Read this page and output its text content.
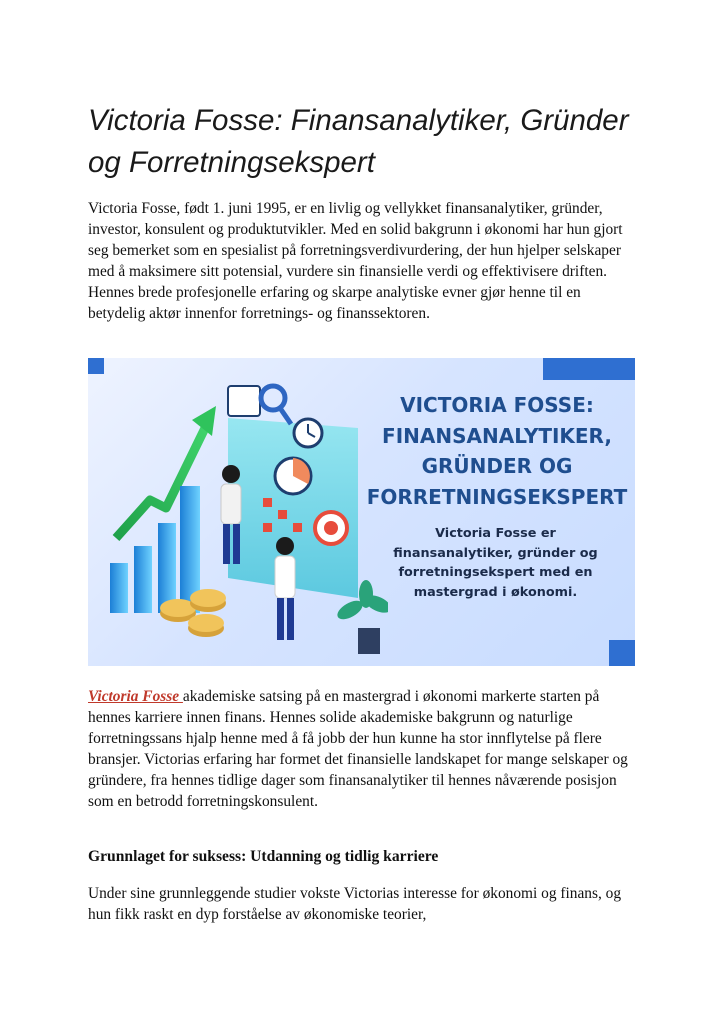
Victoria Fosse: Finansanalytiker, Gründer og Forretningsekspert

Victoria Fosse, født 1. juni 1995, er en livlig og vellykket finansanalytiker, gründer, investor, konsulent og produktutvikler. Med en solid bakgrunn i økonomi har hun gjort seg bemerket som en spesialist på forretningsverdivurdering, der hun hjelper selskaper med å maksimere sitt potensial, vurdere sin finansielle verdi og effektivisere driften. Hennes brede profesjonelle erfaring og skarpe analytiske evner gjør henne til en betydelig aktør innenfor forretnings- og finanssektoren.

Victoria Fosse akademiske satsing på en mastergrad i økonomi markerte starten på hennes karriere innen finans. Hennes solide akademiske bakgrunn og naturlige forretningssans hjalp henne med å få jobb der hun kunne ha stor innflytelse på flere bransjer. Victorias erfaring har formet det finansielle landskapet for mange selskaper og gründere, fra hennes tidlige dager som finansanalytiker til hennes nåværende posisjon som en betrodd forretningskonsulent.

Grunnlaget for suksess: Utdanning og tidlig karriere

Under sine grunnleggende studier vokste Victorias interesse for økonomi og finans, og hun fikk raskt en dyp forståelse av økonomiske teorier,

VICTORIA FOSSE:
FINANSANALYTIKER,
GRÜNDER OG
FORRETNINGSEKSPERT

Victoria Fosse er
finansanalytiker, gründer og
forretningsekspert med en
mastergrad i økonomi.
